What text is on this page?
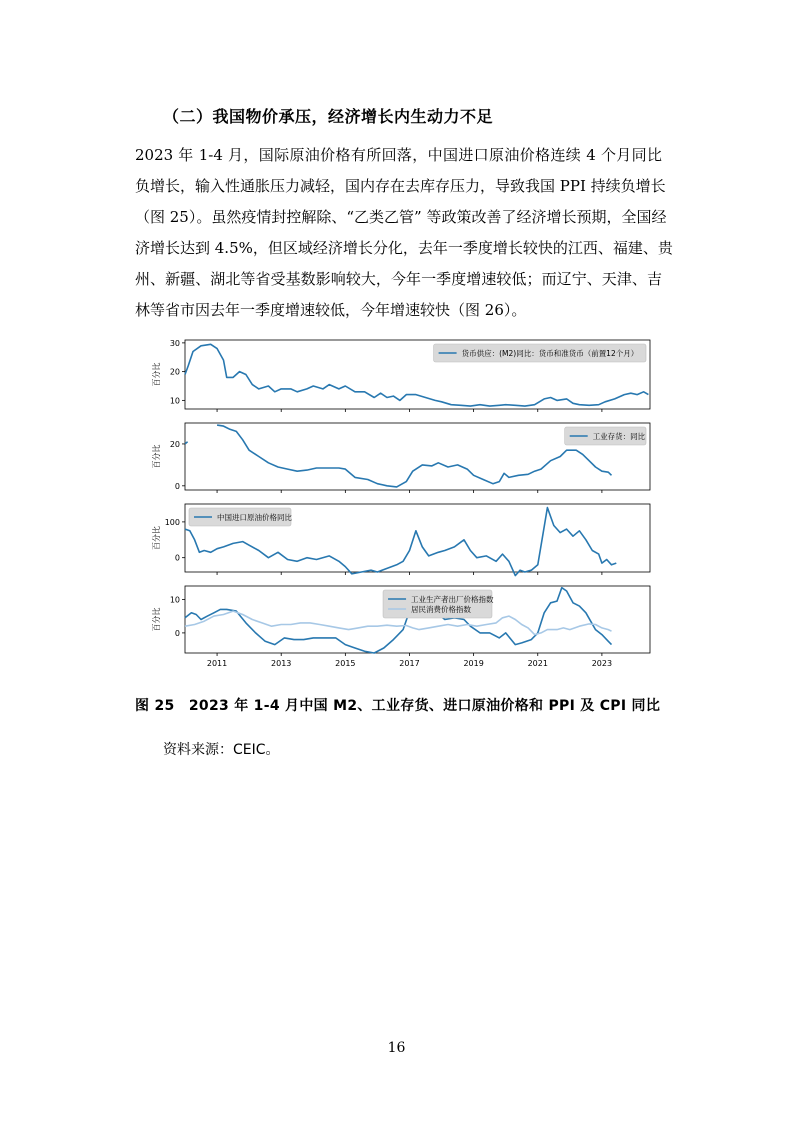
（二）我国物价承压，经济增长内生动力不足

2023 年 1-4 月，国际原油价格有所回落，中国进口原油价格连续 4 个月同比
负增长，输入性通胀压力减轻，国内存在去库存压力，导致我国 PPI 持续负增长
（图 25）。虽然疫情封控解除、“乙类乙管” 等政策改善了经济增长预期，全国经
济增长达到 4.5%，但区域经济增长分化，去年一季度增长较快的江西、福建、贵
州、新疆、湖北等省受基数影响较大，今年一季度增速较低；而辽宁、天津、吉
林等省市因去年一季度增速较低，今年增速较快（图 26）。

10
20
30
百分比
货币供应：(M2)同比：货币和准货币（前置12个月）
0
20
百分比
工业存货：同比
0
100
百分比
中国进口原油价格同比
0
10
2011	2013	2015	2017	2019	2021	2023
百分比
工业生产者出厂价格指数
居民消费价格指数
图 25　2023 年 1-4 月中国 M2、工业存货、进口原油价格和 PPI 及 CPI 同比
资料来源：CEIC。
16
